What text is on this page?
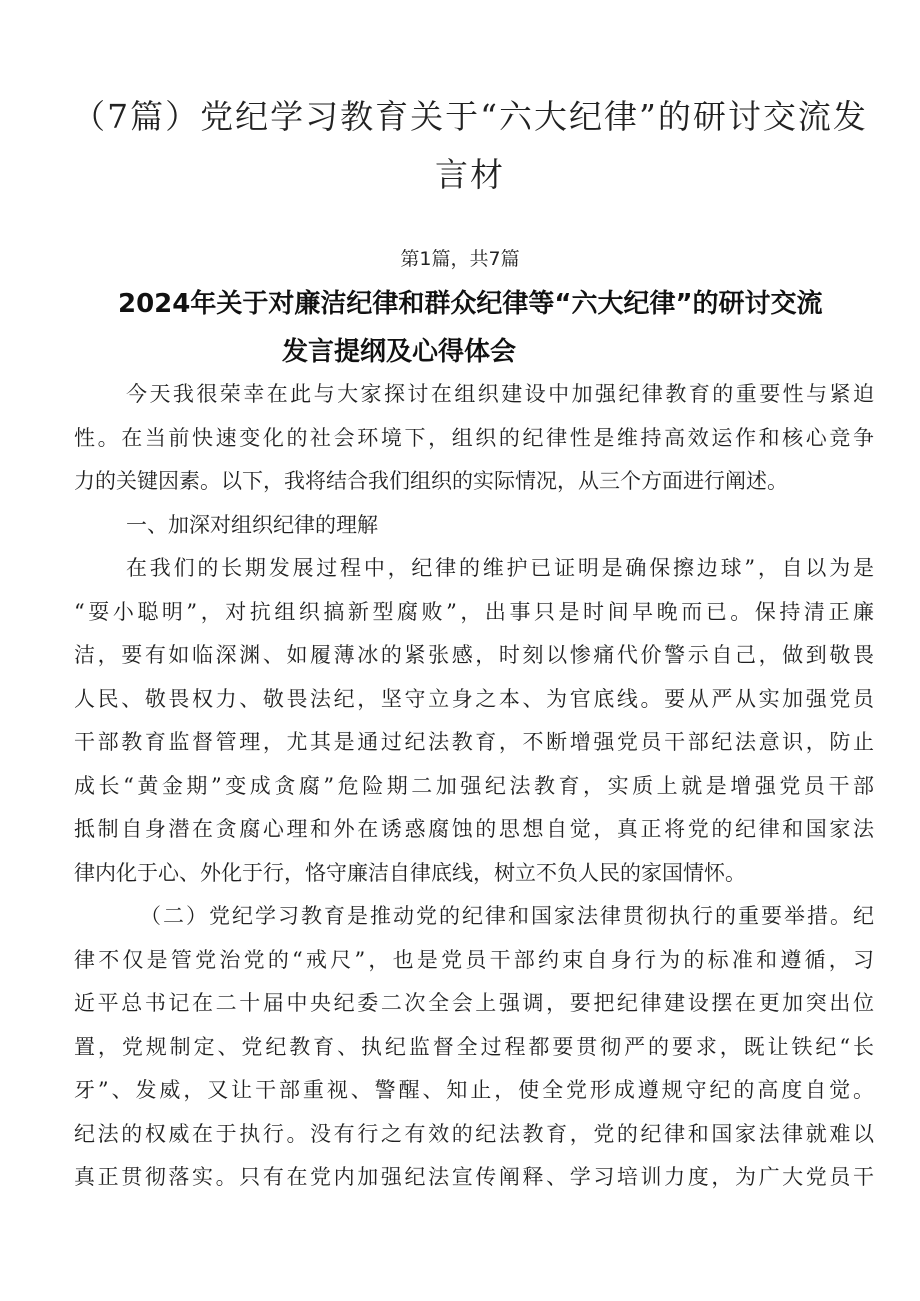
（7篇）党纪学习教育关于“六大纪律”的研讨交流发
言材
第1篇，共7篇
2024年关于对廉洁纪律和群众纪律等“六大纪律”的研讨交流
发言提纲及心得体会
今天我很荣幸在此与大家探讨在组织建设中加强纪律教育的重要性与紧迫
性。在当前快速变化的社会环境下，组织的纪律性是维持高效运作和核心竞争
力的关键因素。以下，我将结合我们组织的实际情况，从三个方面进行阐述。
一、加深对组织纪律的理解
在我们的长期发展过程中，纪律的维护已证明是确保擦边球”，自以为是
“耍小聪明”，对抗组织搞新型腐败”，出事只是时间早晚而已。保持清正廉
洁，要有如临深渊、如履薄冰的紧张感，时刻以惨痛代价警示自己，做到敬畏
人民、敬畏权力、敬畏法纪，坚守立身之本、为官底线。要从严从实加强党员
干部教育监督管理，尤其是通过纪法教育，不断增强党员干部纪法意识，防止
成长“黄金期”变成贪腐”危险期二加强纪法教育，实质上就是增强党员干部
抵制自身潜在贪腐心理和外在诱惑腐蚀的思想自觉，真正将党的纪律和国家法
律内化于心、外化于行，恪守廉洁自律底线，树立不负人民的家国情怀。
（二）党纪学习教育是推动党的纪律和国家法律贯彻执行的重要举措。纪
律不仅是管党治党的“戒尺”，也是党员干部约束自身行为的标准和遵循，习
近平总书记在二十届中央纪委二次全会上强调，要把纪律建设摆在更加突出位
置，党规制定、党纪教育、执纪监督全过程都要贯彻严的要求，既让铁纪“长
牙”、发威，又让干部重视、警醒、知止，使全党形成遵规守纪的高度自觉。
纪法的权威在于执行。没有行之有效的纪法教育，党的纪律和国家法律就难以
真正贯彻落实。只有在党内加强纪法宣传阐释、学习培训力度，为广大党员干
